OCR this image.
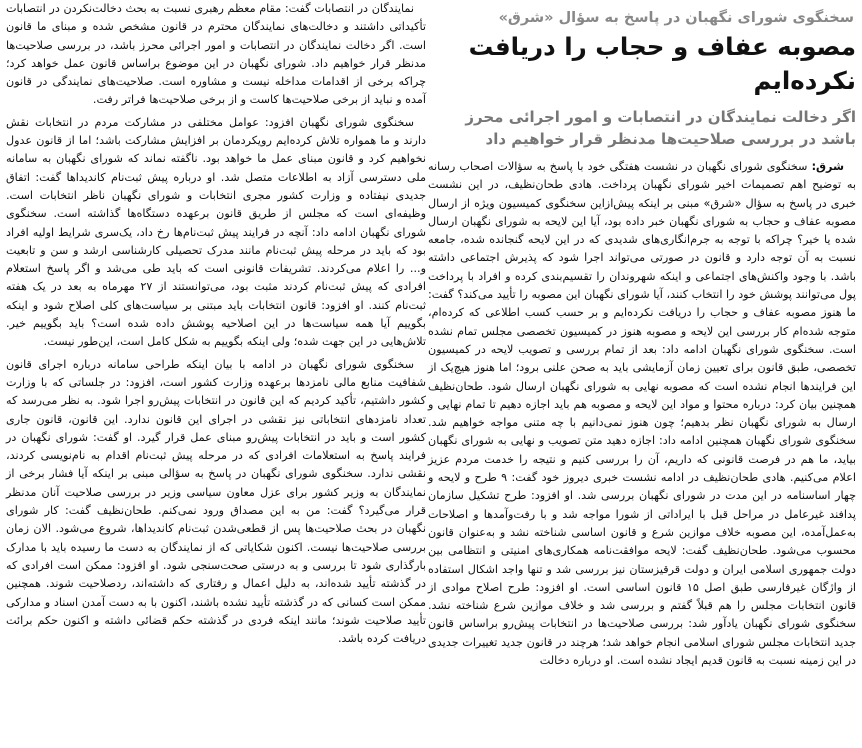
سخنگوی شورای نگهبان در پاسخ به سؤال «شرق»
مصوبه عفاف و حجاب را دریافت نکرده‌ایم
اگر دخالت نمایندگان در انتصابات و امور اجرائی محرز باشد در بررسی صلاحیت‌ها مدنظر قرار خواهیم داد

شرق: سخنگوی شورای نگهبان در نشست هفتگی خود با پاسخ به سؤالات اصحاب رسانه به توضیح اهم تصمیمات اخیر شورای نگهبان پرداخت. هادی طحان‌نظیف، در این نشست خبری در پاسخ به سؤال «شرق» مبنی بر اینکه پیش‌ازاین سخنگوی کمیسیون ویژه از ارسال مصوبه عفاف و حجاب به شورای نگهبان خبر داده بود، آیا این لایحه به شورای نگهبان ارسال شده یا خیر؟ چراکه با توجه به جرم‌انگاری‌های شدیدی که در این لایحه گنجانده شده، جامعه نسبت به آن توجه دارد و قانون در صورتی می‌تواند اجرا شود که پذیرش اجتماعی داشته باشد. با وجود واکنش‌های اجتماعی و اینکه شهروندان را تقسیم‌بندی کرده و افراد با پرداخت پول می‌توانند پوشش خود را انتخاب کنند، آیا شورای نگهبان این مصوبه را تأیید می‌کند؟ گفت: ما هنوز مصوبه عفاف و حجاب را دریافت نکرده‌ایم و بر حسب کسب اطلاعی که کرده‌ام، متوجه شده‌ام کار بررسی این لایحه و مصوبه هنوز در کمیسیون تخصصی مجلس تمام نشده است. سخنگوی شورای نگهبان ادامه داد: بعد از تمام بررسی و تصویب لایحه در کمیسیون تخصصی، طبق قانون برای تعیین زمان آزمایشی باید به صحن علنی برود؛ اما هنوز هیچ‌یک از این فرایندها انجام نشده است که مصوبه نهایی به شورای نگهبان ارسال شود. طحان‌نظیف همچنین بیان کرد: درباره محتوا و مواد این لایحه و مصوبه هم باید اجازه دهیم تا تمام نهایی و ارسال به شورای نگهبان نظر بدهیم؛ چون هنوز نمی‌دانیم با چه متنی مواجه خواهیم شد. سخنگوی شورای نگهبان همچنین ادامه داد: اجازه دهید متن تصویب و نهایی به شورای نگهبان بیاید، ما هم در فرصت قانونی که داریم، آن را بررسی کنیم و نتیجه را خدمت مردم عزیز اعلام می‌کنیم. هادی طحان‌نظیف در ادامه نشست خبری دیروز خود گفت: ۹ طرح و لایحه و چهار اساسنامه در این مدت در شورای نگهبان بررسی شد. او افزود: طرح تشکیل سازمان پدافند غیرعامل در مراحل قبل با ایراداتی از شورا مواجه شد و با رفت‌وآمدها و اصلاحات به‌عمل‌آمده، این مصوبه خلاف موازین شرع و قانون اساسی شناخته نشد و به‌عنوان قانون محسوب می‌شود. طحان‌نظیف گفت: لایحه موافقت‌نامه همکاری‌های امنیتی و انتظامی بین دولت جمهوری اسلامی ایران و دولت قرقیزستان نیز بررسی شد و تنها واجد اشکال استفاده از واژگان غیرفارسی طبق اصل ۱۵ قانون اساسی است. او افزود: طرح اصلاح موادی از قانون انتخابات مجلس را هم قبلاً گفتم و بررسی شد و خلاف موازین شرع شناخته نشد. سخنگوی شورای نگهبان یادآور شد: بررسی صلاحیت‌ها در انتخابات پیش‌رو براساس قانون جدید انتخابات مجلس شورای اسلامی انجام خواهد شد؛ هرچند در قانون جدید تغییرات جدیدی در این زمینه نسبت به قانون قدیم ایجاد نشده است. او درباره دخالت

نمایندگان در انتصابات گفت: مقام معظم رهبری نسبت به بحث دخالت‌نکردن در انتصابات تأکیداتی داشتند و دخالت‌های نمایندگان محترم در قانون مشخص شده و مبنای ما قانون است. اگر دخالت نمایندگان در انتصابات و امور اجرائی محرز باشد، در بررسی صلاحیت‌ها مدنظر قرار خواهیم داد. شورای نگهبان در این موضوع براساس قانون عمل خواهد کرد؛ چراکه برخی از اقدامات مداخله نیست و مشاوره است. صلاحیت‌های نمایندگی در قانون آمده و نباید از برخی صلاحیت‌ها کاست و از برخی صلاحیت‌ها فراتر رفت.

سخنگوی شورای نگهبان افزود: عوامل مختلفی در مشارکت مردم در انتخابات نقش دارند و ما همواره تلاش کرده‌ایم رویکردمان بر افزایش مشارکت باشد؛ اما از قانون عدول نخواهیم کرد و قانون مبنای عمل ما خواهد بود. ناگفته نماند که شورای نگهبان به سامانه ملی دسترسی آزاد به اطلاعات متصل شد. او درباره پیش ثبت‌نام کاندیداها گفت: اتفاق جدیدی نیفتاده و وزارت کشور مجری انتخابات و شورای نگهبان ناظر انتخابات است. وظیفه‌ای است که مجلس از طریق قانون برعهده دستگاه‌ها گذاشته است. سخنگوی شورای نگهبان ادامه داد: آنچه در فرایند پیش ثبت‌نام‌ها رخ داد، یک‌سری شرایط اولیه افراد بود که باید در مرحله پیش ثبت‌نام مانند مدرک تحصیلی کارشناسی ارشد و سن و تابعیت و... را اعلام می‌کردند. تشریفات قانونی است که باید طی می‌شد و اگر پاسخ استعلام افرادی که پیش ثبت‌نام کردند مثبت بود، می‌توانستند از ۲۷ مهرماه به بعد در یک هفته ثبت‌نام کنند. او افزود: قانون انتخابات باید مبتنی بر سیاست‌های کلی اصلاح شود و اینکه بگوییم آیا همه سیاست‌ها در این اصلاحیه پوشش داده شده است؟ باید بگوییم خیر. تلاش‌هایی در این جهت شده؛ ولی اینکه بگوییم به شکل کامل است، این‌طور نیست.

سخنگوی شورای نگهبان در ادامه با بیان اینکه طراحی سامانه درباره اجرای قانون شفافیت منابع مالی نامزدها برعهده وزارت کشور است، افزود: در جلساتی که با وزارت کشور داشتیم، تأکید کردیم که این قانون در انتخابات پیش‌رو اجرا شود. به نظر می‌رسد که تعداد نامزدهای انتخاباتی نیز نقشی در اجرای این قانون ندارد. این قانون، قانون جاری کشور است و باید در انتخابات پیش‌رو مبنای عمل قرار گیرد. او گفت: شورای نگهبان در فرایند پاسخ به استعلامات افرادی که در مرحله پیش ثبت‌نام اقدام به نام‌نویسی کردند، نقشی ندارد. سخنگوی شورای نگهبان در پاسخ به سؤالی مبنی بر اینکه آیا فشار برخی از نمایندگان به وزیر کشور برای عزل معاون سیاسی وزیر در بررسی صلاحیت آنان مدنظر قرار می‌گیرد؟ گفت: من به این مصداق ورود نمی‌کنم. طحان‌نظیف گفت: کار شورای نگهبان در بحث صلاحیت‌ها پس از قطعی‌شدن ثبت‌نام کاندیداها، شروع می‌شود. الان زمان بررسی صلاحیت‌ها نیست. اکنون شکایاتی که از نمایندگان به دست ما رسیده باید با مدارک بارگذاری شود تا بررسی و به درستی صحت‌سنجی شود. او افزود: ممکن است افرادی که در گذشته تأیید شده‌اند، به دلیل اعمال و رفتاری که داشته‌اند، ردصلاحیت شوند. همچنین ممکن است کسانی که در گذشته تأیید نشده باشند، اکنون با به دست آمدن اسناد و مدارکی تأیید صلاحیت شوند؛ مانند اینکه فردی در گذشته حکم قضائی داشته و اکنون حکم برائت دریافت کرده باشد.
